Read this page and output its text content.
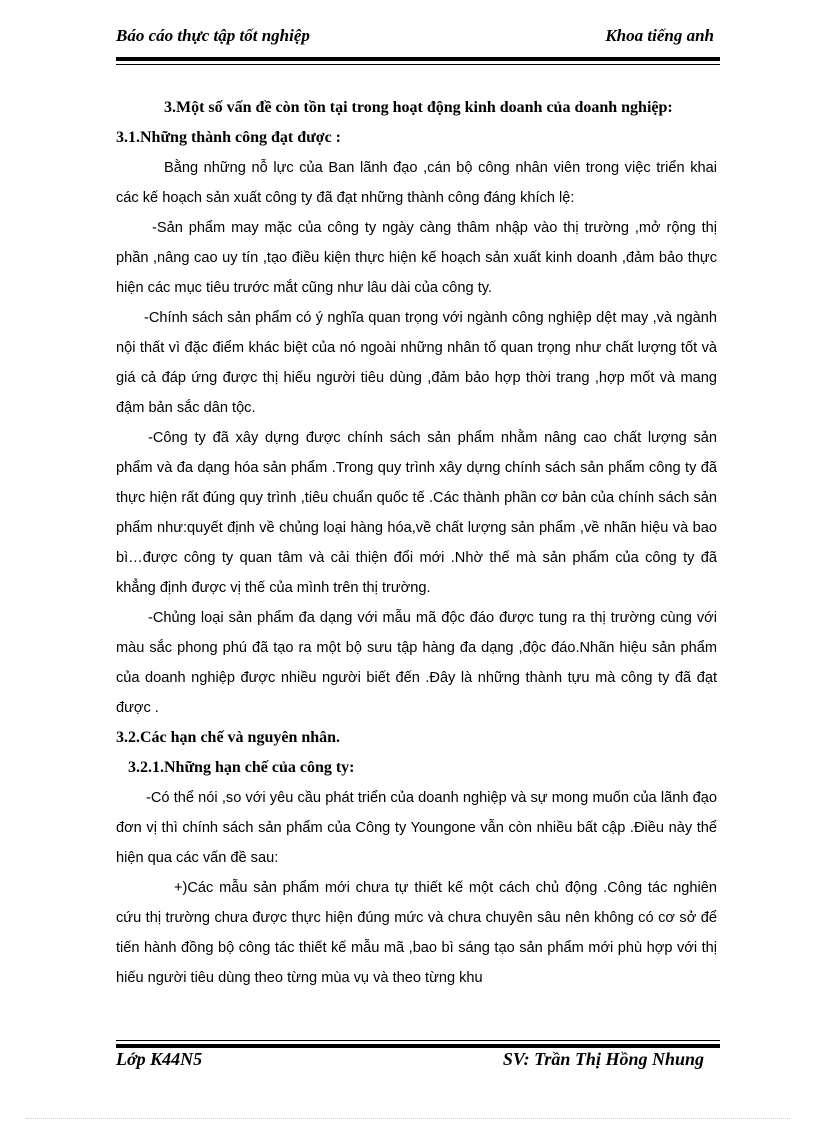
Báo cáo thực tập tốt nghiệp	Khoa tiếng anh

3.Một số vấn đề còn tồn tại trong hoạt động kinh doanh của doanh nghiệp:

3.1.Những thành công đạt được :

Bằng những nỗ lực của Ban lãnh đạo ,cán bộ công nhân viên trong việc triển khai các kế hoạch sản xuất công ty đã đạt những thành công đáng khích lệ:

-Sản phẩm may mặc của công ty ngày càng thâm nhập vào thị trường ,mở rộng thị phần ,nâng cao uy tín ,tạo điều kiện thực hiện kế hoạch sản xuất kinh doanh ,đảm bảo thực hiện các mục tiêu trước mắt cũng như lâu dài của công ty.

-Chính sách sản phẩm có ý nghĩa quan trọng với ngành công nghiệp dệt may ,và ngành nội thất vì đặc điểm khác biệt của nó ngoài những nhân tố quan trọng như chất lượng tốt và giá cả đáp ứng được thị hiếu người tiêu dùng ,đảm bảo hợp thời trang ,hợp mốt và mang đậm bản sắc dân tộc.

-Công ty đã xây dựng được chính sách sản phẩm nhằm nâng cao chất lượng sản phẩm và đa dạng hóa sản phẩm .Trong quy trình xây dựng chính sách sản phẩm công ty đã thực hiện rất đúng quy trình ,tiêu chuẩn quốc tế .Các thành phần cơ bản của chính sách sản phẩm như:quyết định về chủng loại hàng hóa,về chất lượng sản phẩm ,về nhãn hiệu và bao bì…được công ty quan tâm và cải thiện đổi mới .Nhờ thế mà sản phẩm của công ty đã khẳng định được vị thế của mình trên thị trường.

-Chủng loại sản phẩm đa dạng với mẫu mã độc đáo được tung ra thị trường cùng với màu sắc phong phú đã tạo ra một bộ sưu tập hàng đa dạng ,độc đáo.Nhãn hiệu sản phẩm của doanh nghiệp được nhiều người biết đến .Đây là những thành tựu mà công ty đã đạt được .

3.2.Các hạn chế và nguyên nhân.

3.2.1.Những hạn chế của công ty:

-Có thể nói ,so với yêu cầu phát triển của doanh nghiệp và sự mong muốn của lãnh đạo đơn vị thì chính sách sản phẩm của Công ty Youngone vẫn còn nhiều bất cập .Điều này thể hiện qua các vấn đề sau:

+)Các mẫu sản phẩm mới chưa tự thiết kế một cách chủ động .Công tác nghiên cứu thị trường chưa được thực hiện đúng mức và chưa chuyên sâu nên không có cơ sở để tiến hành đồng bộ công tác thiết kế mẫu mã ,bao bì sáng tạo sản phẩm mới phù hợp với thị hiếu người tiêu dùng theo từng mùa vụ và theo từng khu

Lớp K44N5	SV: Trần Thị Hồng Nhung
